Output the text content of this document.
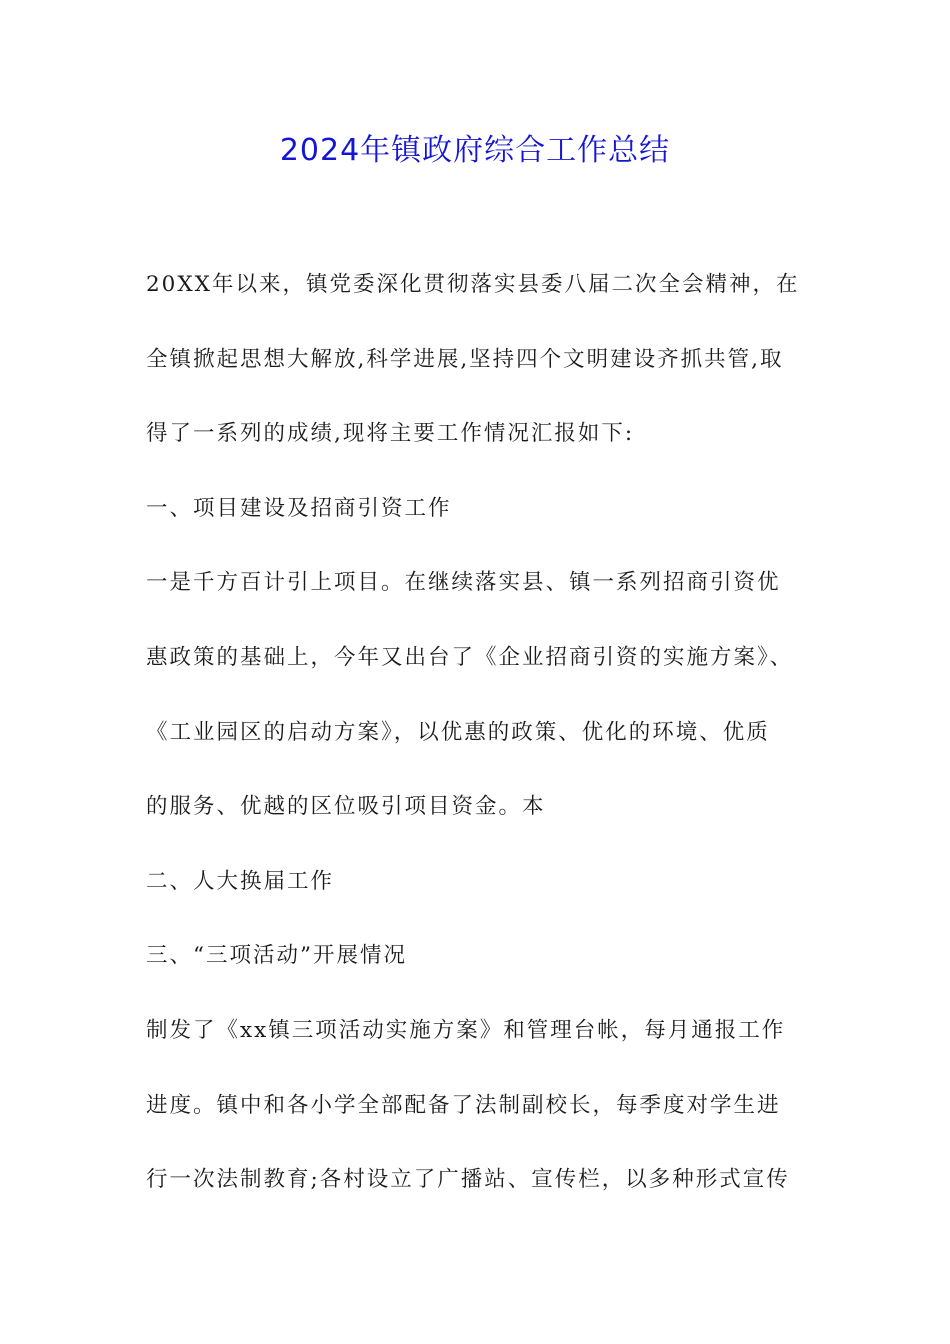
2024年镇政府综合工作总结

20XX年以来，镇党委深化贯彻落实县委八届二次全会精神，在

全镇掀起思想大解放,科学进展,坚持四个文明建设齐抓共管,取

得了一系列的成绩,现将主要工作情况汇报如下:

一、项目建设及招商引资工作

一是千方百计引上项目。在继续落实县、镇一系列招商引资优

惠政策的基础上，今年又出台了《企业招商引资的实施方案》、

《工业园区的启动方案》，以优惠的政策、优化的环境、优质

的服务、优越的区位吸引项目资金。本

二、人大换届工作

三、“三项活动”开展情况

制发了《xx镇三项活动实施方案》和管理台帐，每月通报工作

进度。镇中和各小学全部配备了法制副校长，每季度对学生进

行一次法制教育;各村设立了广播站、宣传栏，以多种形式宣传
